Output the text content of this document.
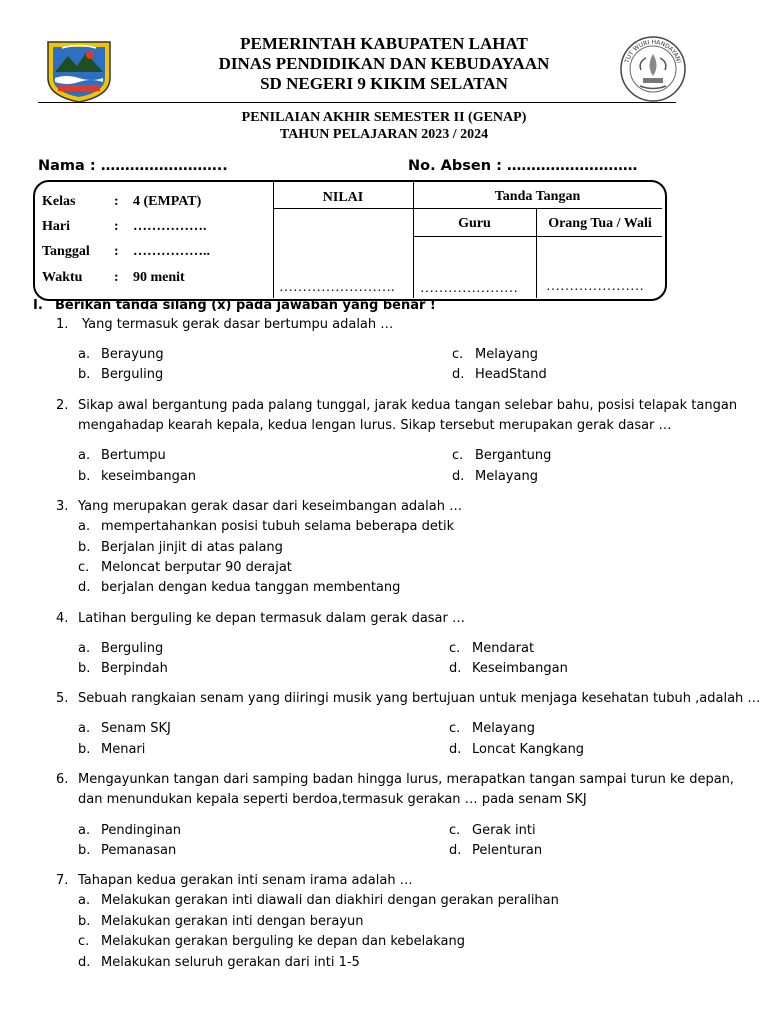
TUT WURI HANDAYANI
PEMERINTAH KABUPATEN LAHAT
DINAS PENDIDIKAN DAN KEBUDAYAAN
SD NEGERI 9 KIKIM SELATAN
PENILAIAN AKHIR SEMESTER II (GENAP)
TAHUN PELAJARAN 2023 / 2024
Nama : ……………………..	No. Absen : ………………………
Kelas	: 4 (EMPAT)
Hari	: …………….
Tanggal : ……………..
Waktu : 90 menit
NILAI	Tanda Tangan
Guru	Orang Tua / Wali
……………………. ………………… …………………
I. Berikan tanda silang (x) pada jawaban yang benar !
1. Yang termasuk gerak dasar bertumpu adalah …
a. Berayung
b. Berguling
c. Melayang
d. HeadStand
2. Sikap awal bergantung pada palang tunggal, jarak kedua tangan selebar bahu, posisi telapak tangan
mengahadap kearah kepala, kedua lengan lurus. Sikap tersebut merupakan gerak dasar …
a. Bertumpu
b. keseimbangan
c. Bergantung
d. Melayang
3. Yang merupakan gerak dasar dari keseimbangan adalah …
a. mempertahankan posisi tubuh selama beberapa detik
b. Berjalan jinjit di atas palang
c. Meloncat berputar 90 derajat
d. berjalan dengan kedua tanggan membentang
4. Latihan berguling ke depan termasuk dalam gerak dasar …
a. Berguling
b. Berpindah
c. Mendarat
d. Keseimbangan
5. Sebuah rangkaian senam yang diiringi musik yang bertujuan untuk menjaga kesehatan tubuh ,adalah …
a. Senam SKJ
b. Menari
c. Melayang
d. Loncat Kangkang
6. Mengayunkan tangan dari samping badan hingga lurus, merapatkan tangan sampai turun ke depan,
dan menundukan kepala seperti berdoa,termasuk gerakan … pada senam SKJ
a. Pendinginan
b. Pemanasan
c. Gerak inti
d. Pelenturan
7. Tahapan kedua gerakan inti senam irama adalah …
a. Melakukan gerakan inti diawali dan diakhiri dengan gerakan peralihan
b. Melakukan gerakan inti dengan berayun
c. Melakukan gerakan berguling ke depan dan kebelakang
d. Melakukan seluruh gerakan dari inti 1-5
